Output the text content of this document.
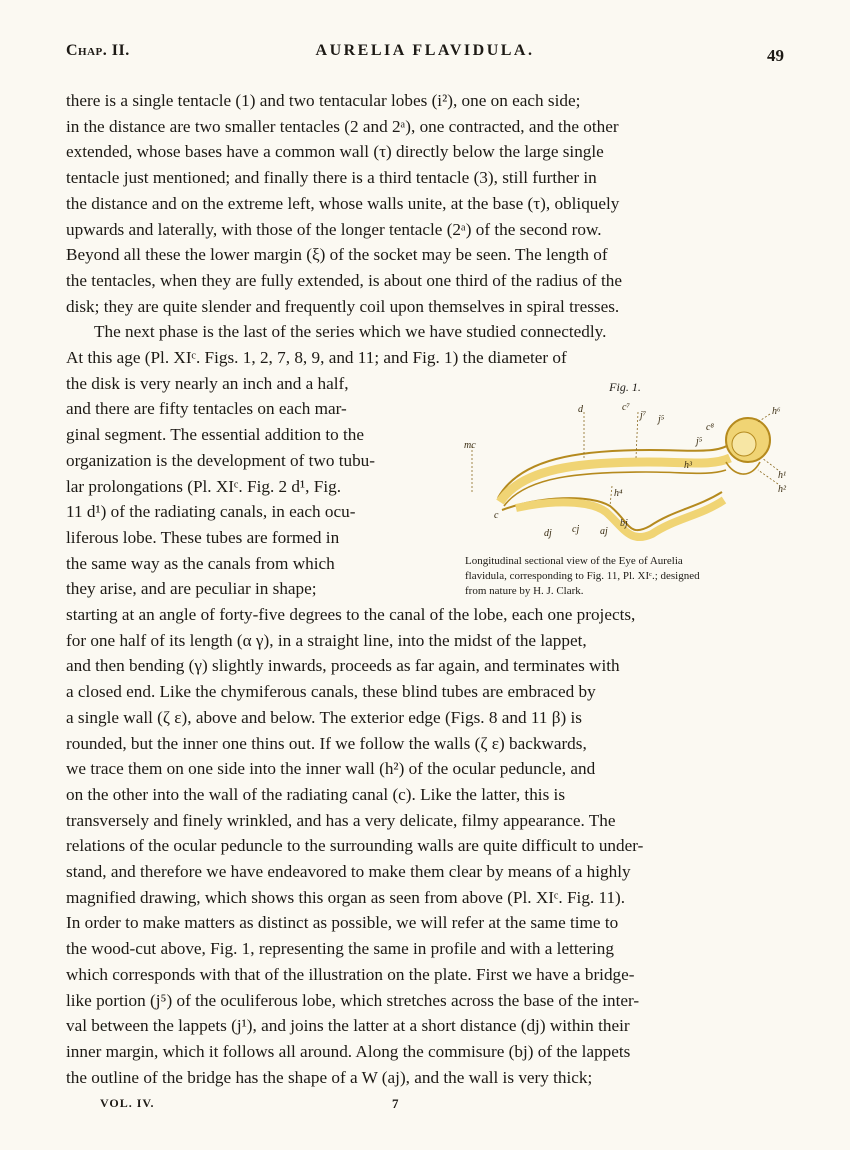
Chap. II.	AURELIA FLAVIDULA.	49
there is a single tentacle (1) and two tentacular lobes (i²), one on each side;
in the distance are two smaller tentacles (2 and 2ᵃ), one contracted, and the other
extended, whose bases have a common wall (τ) directly below the large single
tentacle just mentioned; and finally there is a third tentacle (3), still further in
the distance and on the extreme left, whose walls unite, at the base (τ), obliquely
upwards and laterally, with those of the longer tentacle (2ᵃ) of the second row.
Beyond all these the lower margin (ξ) of the socket may be seen. The length of
the tentacles, when they are fully extended, is about one third of the radius of the
disk; they are quite slender and frequently coil upon themselves in spiral tresses.
The next phase is the last of the series which we have studied connectedly.
At this age (Pl. XIᶜ. Figs. 1, 2, 7, 8, 9, and 11; and Fig. 1) the diameter of
the disk is very nearly an inch and a half,
and there are fifty tentacles on each mar-
ginal segment. The essential addition to the
organization is the development of two tubu-
lar prolongations (Pl. XIᶜ. Fig. 2 d¹, Fig.
11 d¹) of the radiating canals, in each ocu-
liferous lobe. These tubes are formed in
the same way as the canals from which
they arise, and are peculiar in shape;
Fig. 1.
mc
d	c⁷
j⁷ j⁵
c⁸
j⁵
h⁶
h³
h¹
h²
c
h⁴
dj cj aj
bj
Longitudinal sectional view of the Eye of Aurelia
flavidula, corresponding to Fig. 11, Pl. XIᶜ.; designed
from nature by H. J. Clark.
starting at an angle of forty-five degrees to the canal of the lobe, each one projects,
for one half of its length (α γ), in a straight line, into the midst of the lappet,
and then bending (γ) slightly inwards, proceeds as far again, and terminates with
a closed end. Like the chymiferous canals, these blind tubes are embraced by
a single wall (ζ ε), above and below. The exterior edge (Figs. 8 and 11 β) is
rounded, but the inner one thins out. If we follow the walls (ζ ε) backwards,
we trace them on one side into the inner wall (h²) of the ocular peduncle, and
on the other into the wall of the radiating canal (c). Like the latter, this is
transversely and finely wrinkled, and has a very delicate, filmy appearance. The
relations of the ocular peduncle to the surrounding walls are quite difficult to under-
stand, and therefore we have endeavored to make them clear by means of a highly
magnified drawing, which shows this organ as seen from above (Pl. XIᶜ. Fig. 11).
In order to make matters as distinct as possible, we will refer at the same time to
the wood-cut above, Fig. 1, representing the same in profile and with a lettering
which corresponds with that of the illustration on the plate. First we have a bridge-
like portion (j⁵) of the oculiferous lobe, which stretches across the base of the inter-
val between the lappets (j¹), and joins the latter at a short distance (dj) within their
inner margin, which it follows all around. Along the commisure (bj) of the lappets
the outline of the bridge has the shape of a W (aj), and the wall is very thick;
VOL. IV.	7
